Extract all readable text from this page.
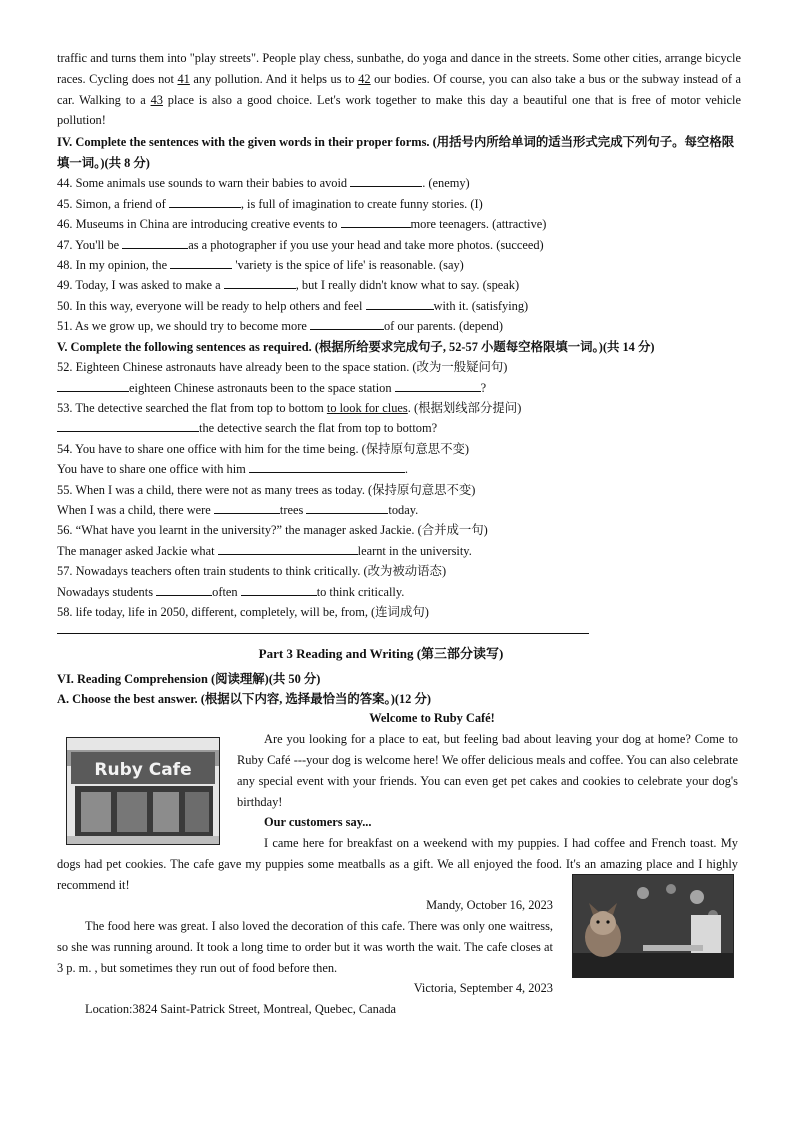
traffic and turns them into "play streets". People play chess, sunbathe, do yoga and dance in the streets. Some other cities, arrange bicycle races. Cycling does not 41 any pollution. And it helps us to 42 our bodies. Of course, you can also take a bus or the subway instead of a car. Walking to a 43 place is also a good choice. Let's work together to make this day a beautiful one that is free of motor vehicle pollution!

IV. Complete the sentences with the given words in their proper forms. (用括号内所给单词的适当形式完成下列句子。每空格限填一词。)(共 8 分)
44. Some animals use sounds to warn their babies to avoid	. (enemy)
45. Simon, a friend of	, is full of imagination to create funny stories. (I)
46. Museums in China are introducing creative events to	more teenagers. (attractive)
47. You'll be	as a photographer if you use your head and take more photos. (succeed)
48. In my opinion, the	'variety is the spice of life' is reasonable. (say)
49. Today, I was asked to make a	, but I really didn't know what to say. (speak)
50. In this way, everyone will be ready to help others and feel	with it. (satisfying)
51. As we grow up, we should try to become more	of our parents. (depend)
V. Complete the following sentences as required. (根据所给要求完成句子, 52-57 小题每空格限填一词。)(共 14 分)
52. Eighteen Chinese astronauts have already been to the space station. (改为一般疑问句)
eighteen Chinese astronauts been to the space station	?
53. The detective searched the flat from top to bottom to look for clues. (根据划线部分提问)
the detective search the flat from top to bottom?
54. You have to share one office with him for the time being. (保持原句意思不变)
You have to share one office with him	.
55. When I was a child, there were not as many trees as today. (保持原句意思不变)
When I was a child, there were	trees	today.
56. “What have you learnt in the university?” the manager asked Jackie. (合并成一句)
The manager asked Jackie what	learnt in the university.
57. Nowadays teachers often train students to think critically. (改为被动语态)
Nowadays students	often	to think critically.
58. life today, life in 2050, different, completely, will be, from, (连词成句)
Part 3 Reading and Writing (第三部分读写)
VI. Reading Comprehension (阅读理解)(共 50 分)
A. Choose the best answer. (根据以下内容, 选择最恰当的答案。)(12 分)
Welcome to Ruby Café!
Ruby Cafe

Are you looking for a place to eat, but feeling bad about leaving your dog at home? Come to Ruby Café ---your dog is welcome here! We offer delicious meals and coffee. You can also celebrate any special event with your friends. You can even get pet cakes and cookies to celebrate your dog's birthday!

Our customers say...

I came here for breakfast on a weekend with my puppies. I had coffee and French toast. My dogs had pet cookies. The cafe gave my puppies some meatballs as a gift. We all enjoyed the food. It's an amazing place and I highly recommend it!

Mandy, October 16, 2023

The food here was great. I also loved the decoration of this cafe. There was only one waitress, so she was running around. It took a long time to order but it was worth the wait. The cafe closes at 3 p. m. , but sometimes they run out of food before then.

Victoria, September 4, 2023
Location:3824 Saint-Patrick Street, Montreal, Quebec, Canada
